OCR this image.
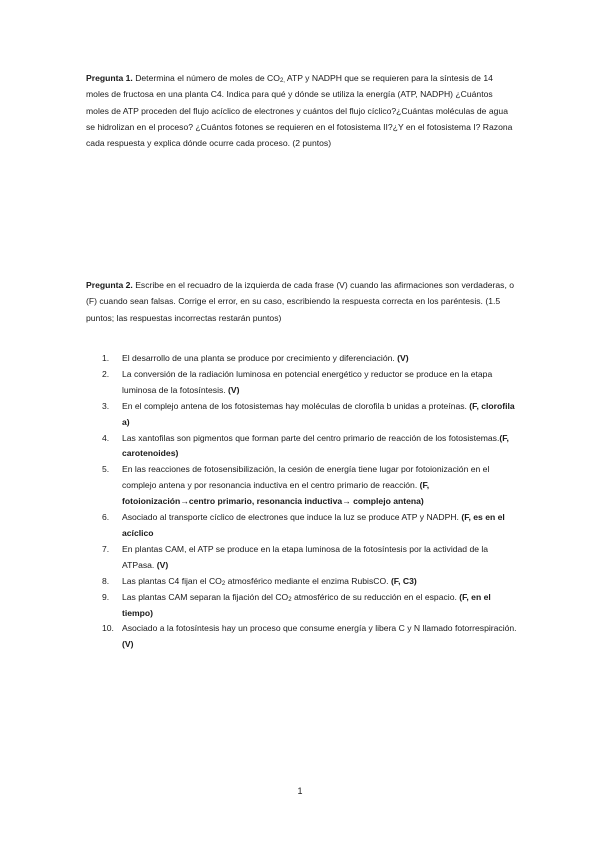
Pregunta 1. Determina el número de moles de $CO_{2,}$ ATP y NADPH que se requieren para la síntesis de 14 moles de fructosa en una planta C4. Indica para qué y dónde se utiliza la energía (ATP, NADPH) ¿Cuántos moles de ATP proceden del flujo acíclico de electrones y cuántos del flujo cíclico?¿Cuántas moléculas de agua se hidrolizan en el proceso? ¿Cuántos fotones se requieren en el fotosistema II?¿Y en el fotosistema I? Razona cada respuesta y explica dónde ocurre cada proceso. (2 puntos)
Pregunta 2. Escribe en el recuadro de la izquierda de cada frase (V) cuando las afirmaciones son verdaderas, o (F) cuando sean falsas. Corrige el error, en su caso, escribiendo la respuesta correcta en los paréntesis. (1.5 puntos; las respuestas incorrectas restarán puntos)
1.	El desarrollo de una planta se produce por crecimiento y diferenciación. (V)
2.	La conversión de la radiación luminosa en potencial energético y reductor se produce en la etapa luminosa de la fotosíntesis. (V)
3.	En el complejo antena de los fotosistemas hay moléculas de clorofila b unidas a proteínas. (F, clorofila a)
4.	Las xantofilas son pigmentos que forman parte del centro primario de reacción de los fotosistemas.(F, carotenoides)
5.	En las reacciones de fotosensibilización, la cesión de energía tiene lugar por fotoionización en el complejo antena y por resonancia inductiva en el centro primario de reacción. (F, fotoionización→centro primario, resonancia inductiva→ complejo antena)
6.	Asociado al transporte cíclico de electrones que induce la luz se produce ATP y NADPH. (F, es en el acíclico
7.	En plantas CAM, el ATP se produce en la etapa luminosa de la fotosíntesis por la actividad de la ATPasa. (V)
8.	Las plantas C4 fijan el $CO_2$ atmosférico mediante el enzima RubisCO. (F, C3)
9.	Las plantas CAM separan la fijación del $CO_2$ atmosférico de su reducción en el espacio. (F, en el tiempo)
10. Asociado a la fotosíntesis hay un proceso que consume energía y libera C y N llamado fotorrespiración. (V)
1
